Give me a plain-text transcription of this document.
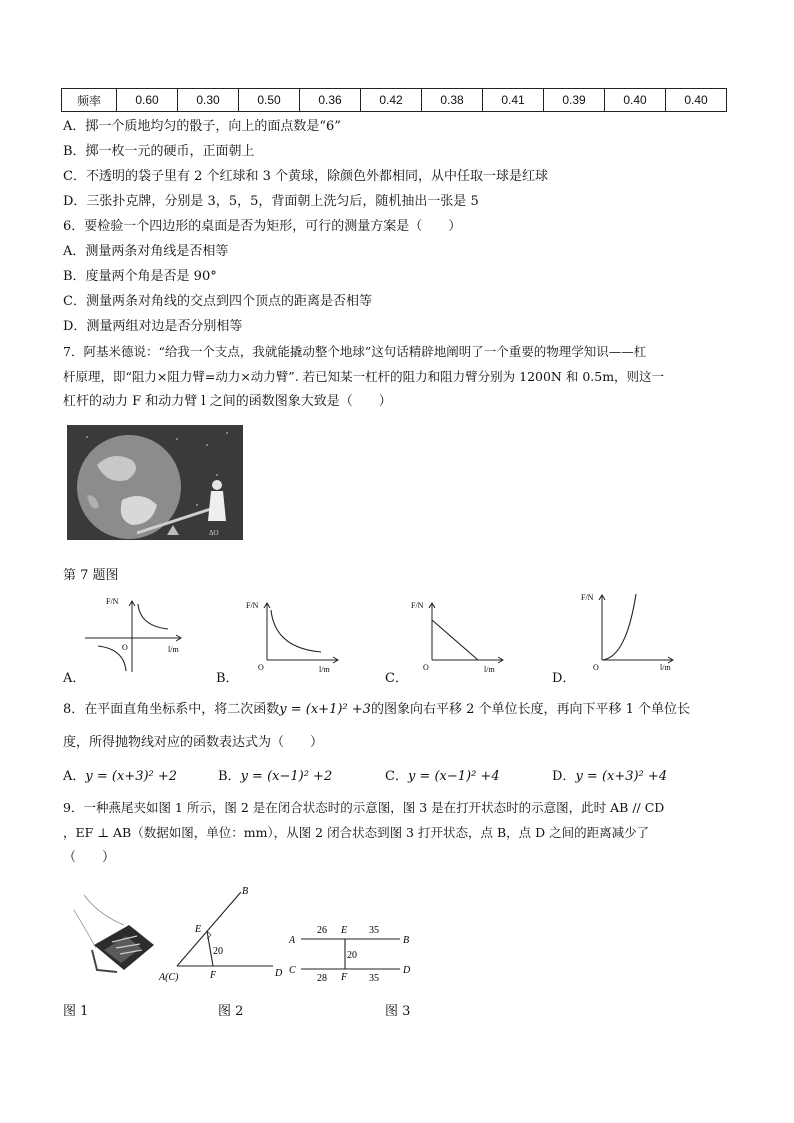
频率	0.60	0.30	0.50	0.36	0.42	0.38	0.41	0.39	0.40	0.40
A．掷一个质地均匀的骰子，向上的面点数是“6”
B．掷一枚一元的硬币，正面朝上
C．不透明的袋子里有 2 个红球和 3 个黄球，除颜色外都相同，从中任取一球是红球
D．三张扑克牌，分别是 3，5，5，背面朝上洗匀后，随机抽出一张是 5
6．要检验一个四边形的桌面是否为矩形，可行的测量方案是（　　）
A．测量两条对角线是否相等
B．度量两个角是否是 90°
C．测量两条对角线的交点到四个顶点的距离是否相等
D．测量两组对边是否分别相等
7．阿基米德说：“给我一个支点，我就能撬动整个地球”这句话精辟地阐明了一个重要的物理学知识——杠
杆原理，即“阻力×阻力臂=动力×动力臂”. 若已知某一杠杆的阻力和阻力臂分别为 1200N 和 0.5m，则这一
杠杆的动力 F 和动力臂 l 之间的函数图象大致是（　　）
ΔO
第 7 题图
F/N
l/m
O
A．
F/N
l/m
O
B．
F/N
l/m
O
C．
F/N
l/m
O
D．
8．在平面直角坐标系中，将二次函数y = (x+1)² +3的图象向右平移 2 个单位长度，再向下平移 1 个单位长
度，所得抛物线对应的函数表达式为（　　）
A．y = (x+3)² +2	B．y = (x−1)² +2	C．y = (x−1)² +4	D．y = (x+3)² +4
9．一种燕尾夹如图 1 所示，图 2 是在闭合状态时的示意图，图 3 是在打开状态时的示意图，此时 AB // CD
，EF ⊥ AB（数据如图，单位：mm），从图 2 闭合状态到图 3 打开状态，点 B，点 D 之间的距离减少了
（　　）
B
E
A(C)	F	D
20
A
E
B
C
F
D
26	35
20
28	35
图 1	图 2	图 3
